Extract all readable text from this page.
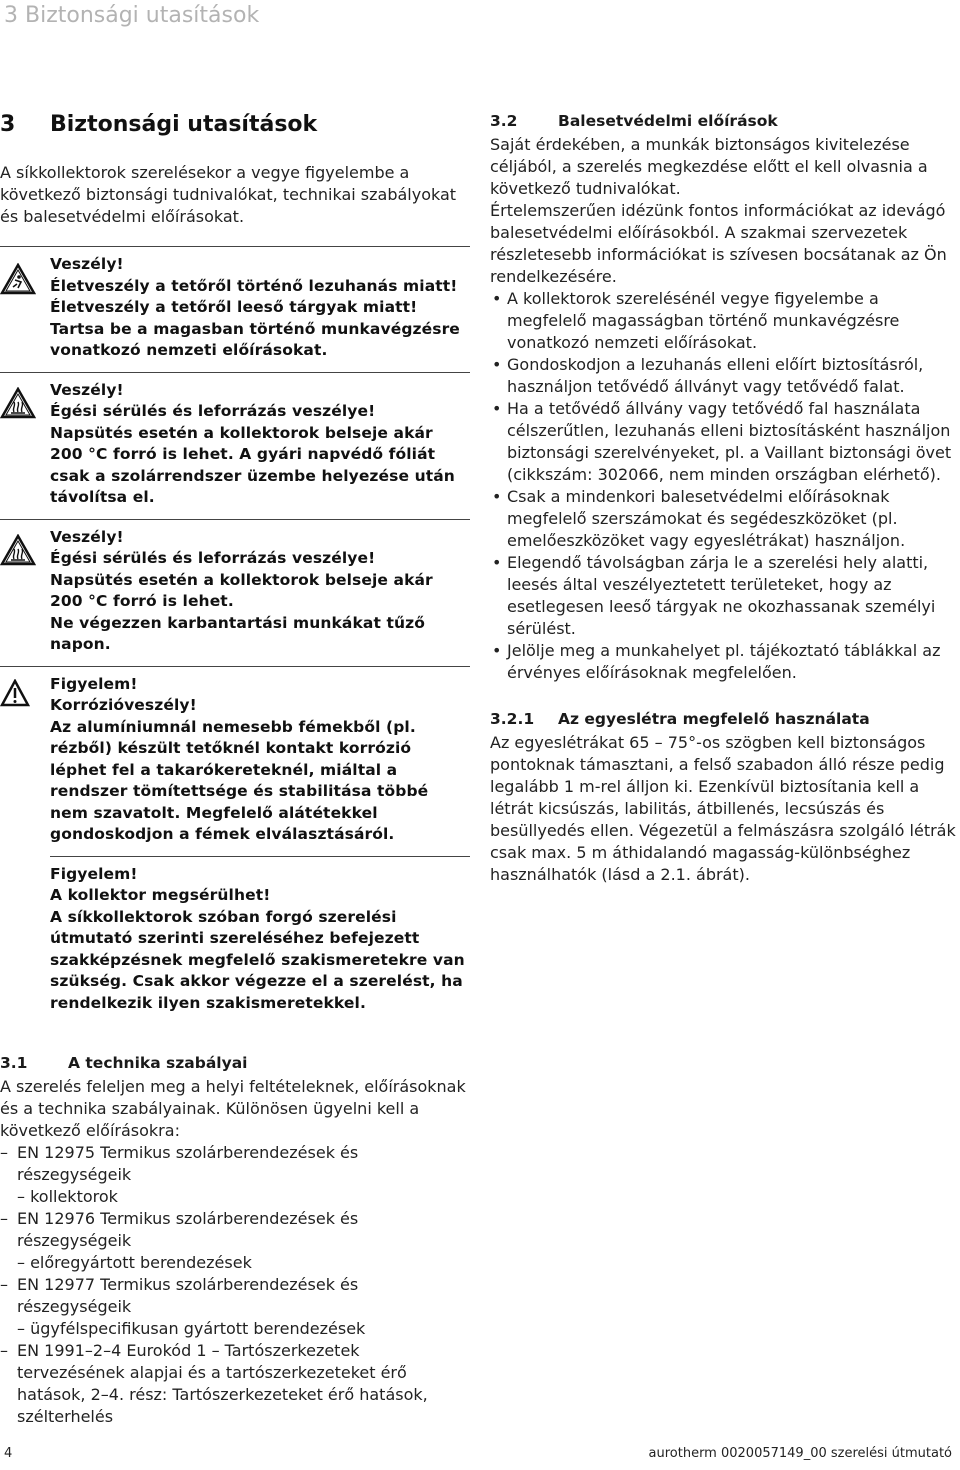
3 Biztonsági utasítások
3 Biztonsági utasítások

A síkkollektorok szerelésekor a vegye figyelembe a következő biztonsági tudnivalókat, technikai szabályokat és balesetvédelmi előírásokat.

Veszély!
Életveszély a tetőről történő lezuhanás miatt!
Életveszély a tetőről leeső tárgyak miatt!
Tartsa be a magasban történő munkavégzésre vonatkozó nemzeti előírásokat.
Veszély!
Égési sérülés és leforrázás veszélye!
Napsütés esetén a kollektorok belseje akár 200 °C forró is lehet. A gyári napvédő fóliát csak a szolárrendszer üzembe helyezése után távolítsa el.
Veszély!
Égési sérülés és leforrázás veszélye!
Napsütés esetén a kollektorok belseje akár 200 °C forró is lehet.
Ne végezzen karbantartási munkákat tűző napon.
Figyelem!
Korrózióveszély!
Az alumíniumnál nemesebb fémekből (pl. rézből) készült tetőknél kontakt korrózió léphet fel a takarókereteknél, miáltal a rendszer tömítettsége és stabilitása többé nem szavatolt. Megfelelő alátétekkel gondoskodjon a fémek elválasztásáról.
Figyelem!
A kollektor megsérülhet!
A síkkollektorok szóban forgó szerelési útmutató szerinti szereléséhez befejezett szakképzésnek megfelelő szakismeretekre van szükség. Csak akkor végezze el a szerelést, ha rendelkezik ilyen szakismeretekkel.
3.1	A technika szabályai

A szerelés feleljen meg a helyi feltételeknek, előírásoknak és a technika szabályainak. Különösen ügyelni kell a következő előírásokra:

– EN 12975 Termikus szolárberendezések és részegységeik
– kollektorok
– EN 12976 Termikus szolárberendezések és részegységeik
– előregyártott berendezések
– EN 12977 Termikus szolárberendezések és részegységeik
– ügyfélspecifikusan gyártott berendezések
– EN 1991–2–4 Eurokód 1 – Tartószerkezetek tervezésének alapjai és a tartószerkezeteket érő hatások, 2–4. rész: Tartószerkezeteket érő hatások, szélterhelés
3.2	Balesetvédelmi előírások

Saját érdekében, a munkák biztonságos kivitelezése céljából, a szerelés megkezdése előtt el kell olvasnia a következő tudnivalókat.

Értelemszerűen idézünk fontos információkat az idevágó balesetvédelmi előírásokból. A szakmai szervezetek részletesebb információkat is szívesen bocsátanak az Ön rendelkezésére.

• A kollektorok szerelésénél vegye figyelembe a megfelelő magasságban történő munkavégzésre vonatkozó nemzeti előírásokat.
• Gondoskodjon a lezuhanás elleni előírt biztosításról, használjon tetővédő állványt vagy tetővédő falat.
• Ha a tetővédő állvány vagy tetővédő fal használata célszerűtlen, lezuhanás elleni biztosításként használjon biztonsági szerelvényeket, pl. a Vaillant biztonsági övet (cikkszám: 302066, nem minden országban elérhető).
• Csak a mindenkori balesetvédelmi előírásoknak megfelelő szerszámokat és segédeszközöket (pl. emelőeszközöket vagy egyeslétrákat) használjon.
• Elegendő távolságban zárja le a szerelési hely alatti, leesés által veszélyeztetett területeket, hogy az esetlegesen leeső tárgyak ne okozhassanak személyi sérülést.
• Jelölje meg a munkahelyet pl. tájékoztató táblákkal az érvényes előírásoknak megfelelően.
3.2.1 Az egyeslétra megfelelő használata

Az egyeslétrákat 65 – 75°-os szögben kell biztonságos pontoknak támasztani, a felső szabadon álló része pedig legalább 1 m-rel álljon ki. Ezenkívül biztosítania kell a létrát kicsúszás, labilitás, átbillenés, lecsúszás és besüllyedés ellen. Végezetül a felmászásra szolgáló létrák csak max. 5 m áthidalandó magasság-különbséghez használhatók (lásd a 2.1. ábrát).

4	aurotherm 0020057149_00 szerelési útmutató
